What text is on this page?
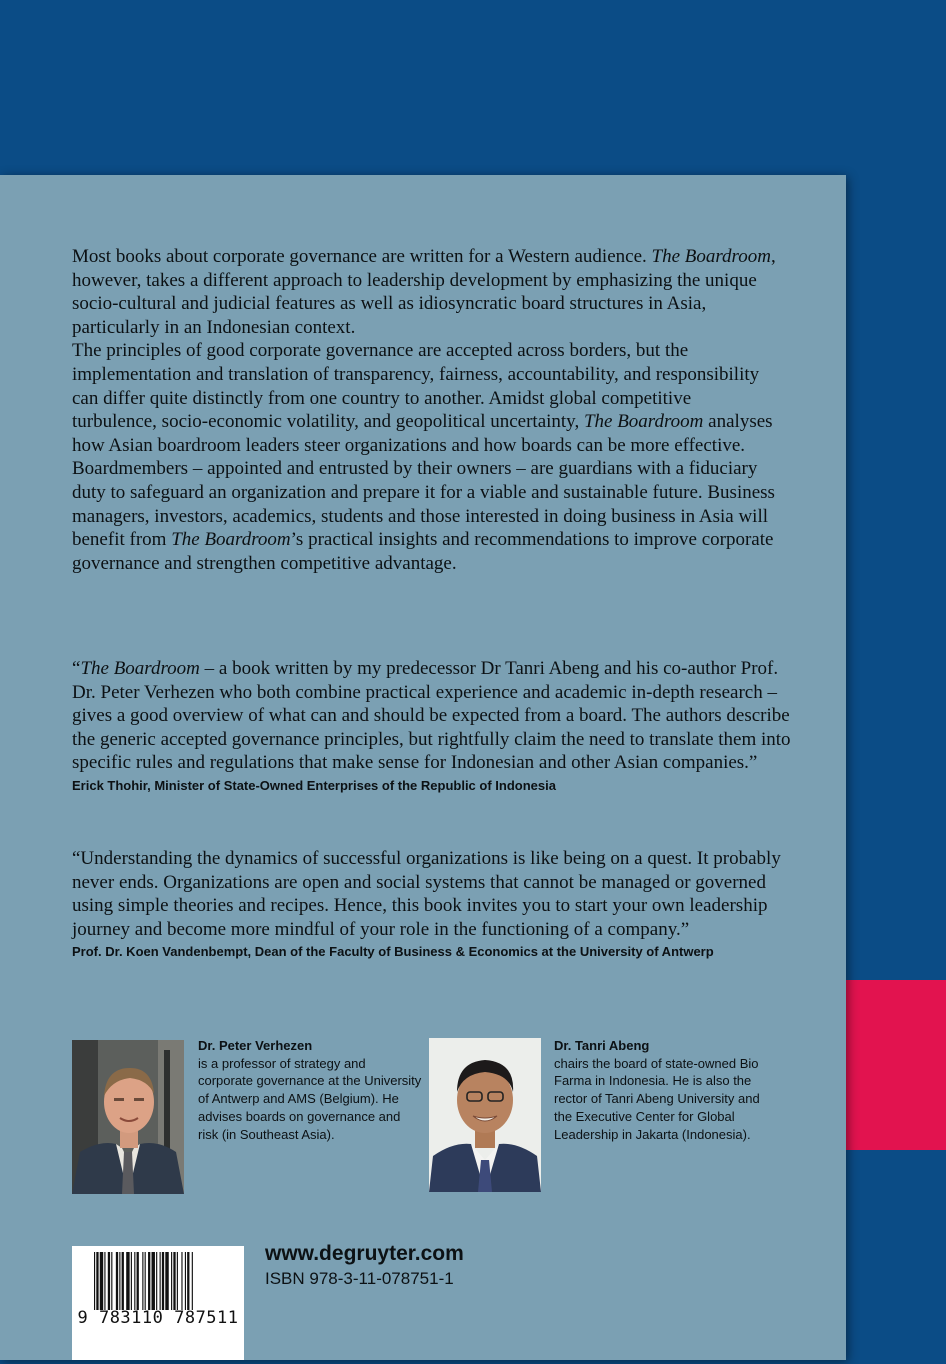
Most books about corporate governance are written for a Western audience. The Boardroom, however, takes a different approach to leadership development by emphasizing the unique socio-cultural and judicial features as well as idiosyncratic board structures in Asia, particularly in an Indonesian context.

The principles of good corporate governance are accepted across borders, but the implementation and translation of transparency, fairness, accountability, and responsibility can differ quite distinctly from one country to another. Amidst global competitive turbulence, socio-economic volatility, and geopolitical uncertainty, The Boardroom analyses how Asian boardroom leaders steer organizations and how boards can be more effective.

Boardmembers – appointed and entrusted by their owners – are guardians with a fiduciary duty to safeguard an organization and prepare it for a viable and sustainable future. Business managers, investors, academics, students and those interested in doing business in Asia will benefit from The Boardroom’s practical insights and recommendations to improve corporate governance and strengthen competitive advantage.

“The Boardroom – a book written by my predecessor Dr Tanri Abeng and his co-author Prof. Dr. Peter Verhezen who both combine practical experience and academic in-depth research – gives a good overview of what can and should be expected from a board. The authors describe the generic accepted governance principles, but rightfully claim the need to translate them into specific rules and regulations that make sense for Indonesian and other Asian companies.”

Erick Thohir, Minister of State-Owned Enterprises of the Republic of Indonesia

“Understanding the dynamics of successful organizations is like being on a quest. It probably never ends. Organizations are open and social systems that cannot be managed or governed using simple theories and recipes. Hence, this book invites you to start your own leadership journey and become more mindful of your role in the functioning of a company.”

Prof. Dr. Koen Vandenbempt, Dean of the Faculty of Business & Economics at the University of Antwerp
Dr. Peter Verhezen
is a professor of strategy and corporate governance at the University of Antwerp and AMS (Belgium). He advises boards on governance and risk (in Southeast Asia).
Dr. Tanri Abeng
chairs the board of state-owned Bio Farma in Indonesia. He is also the rector of Tanri Abeng University and the Executive Center for Global Leadership in Jakarta (Indonesia).
9 783110 787511
www.degruyter.com
ISBN 978-3-11-078751-1
